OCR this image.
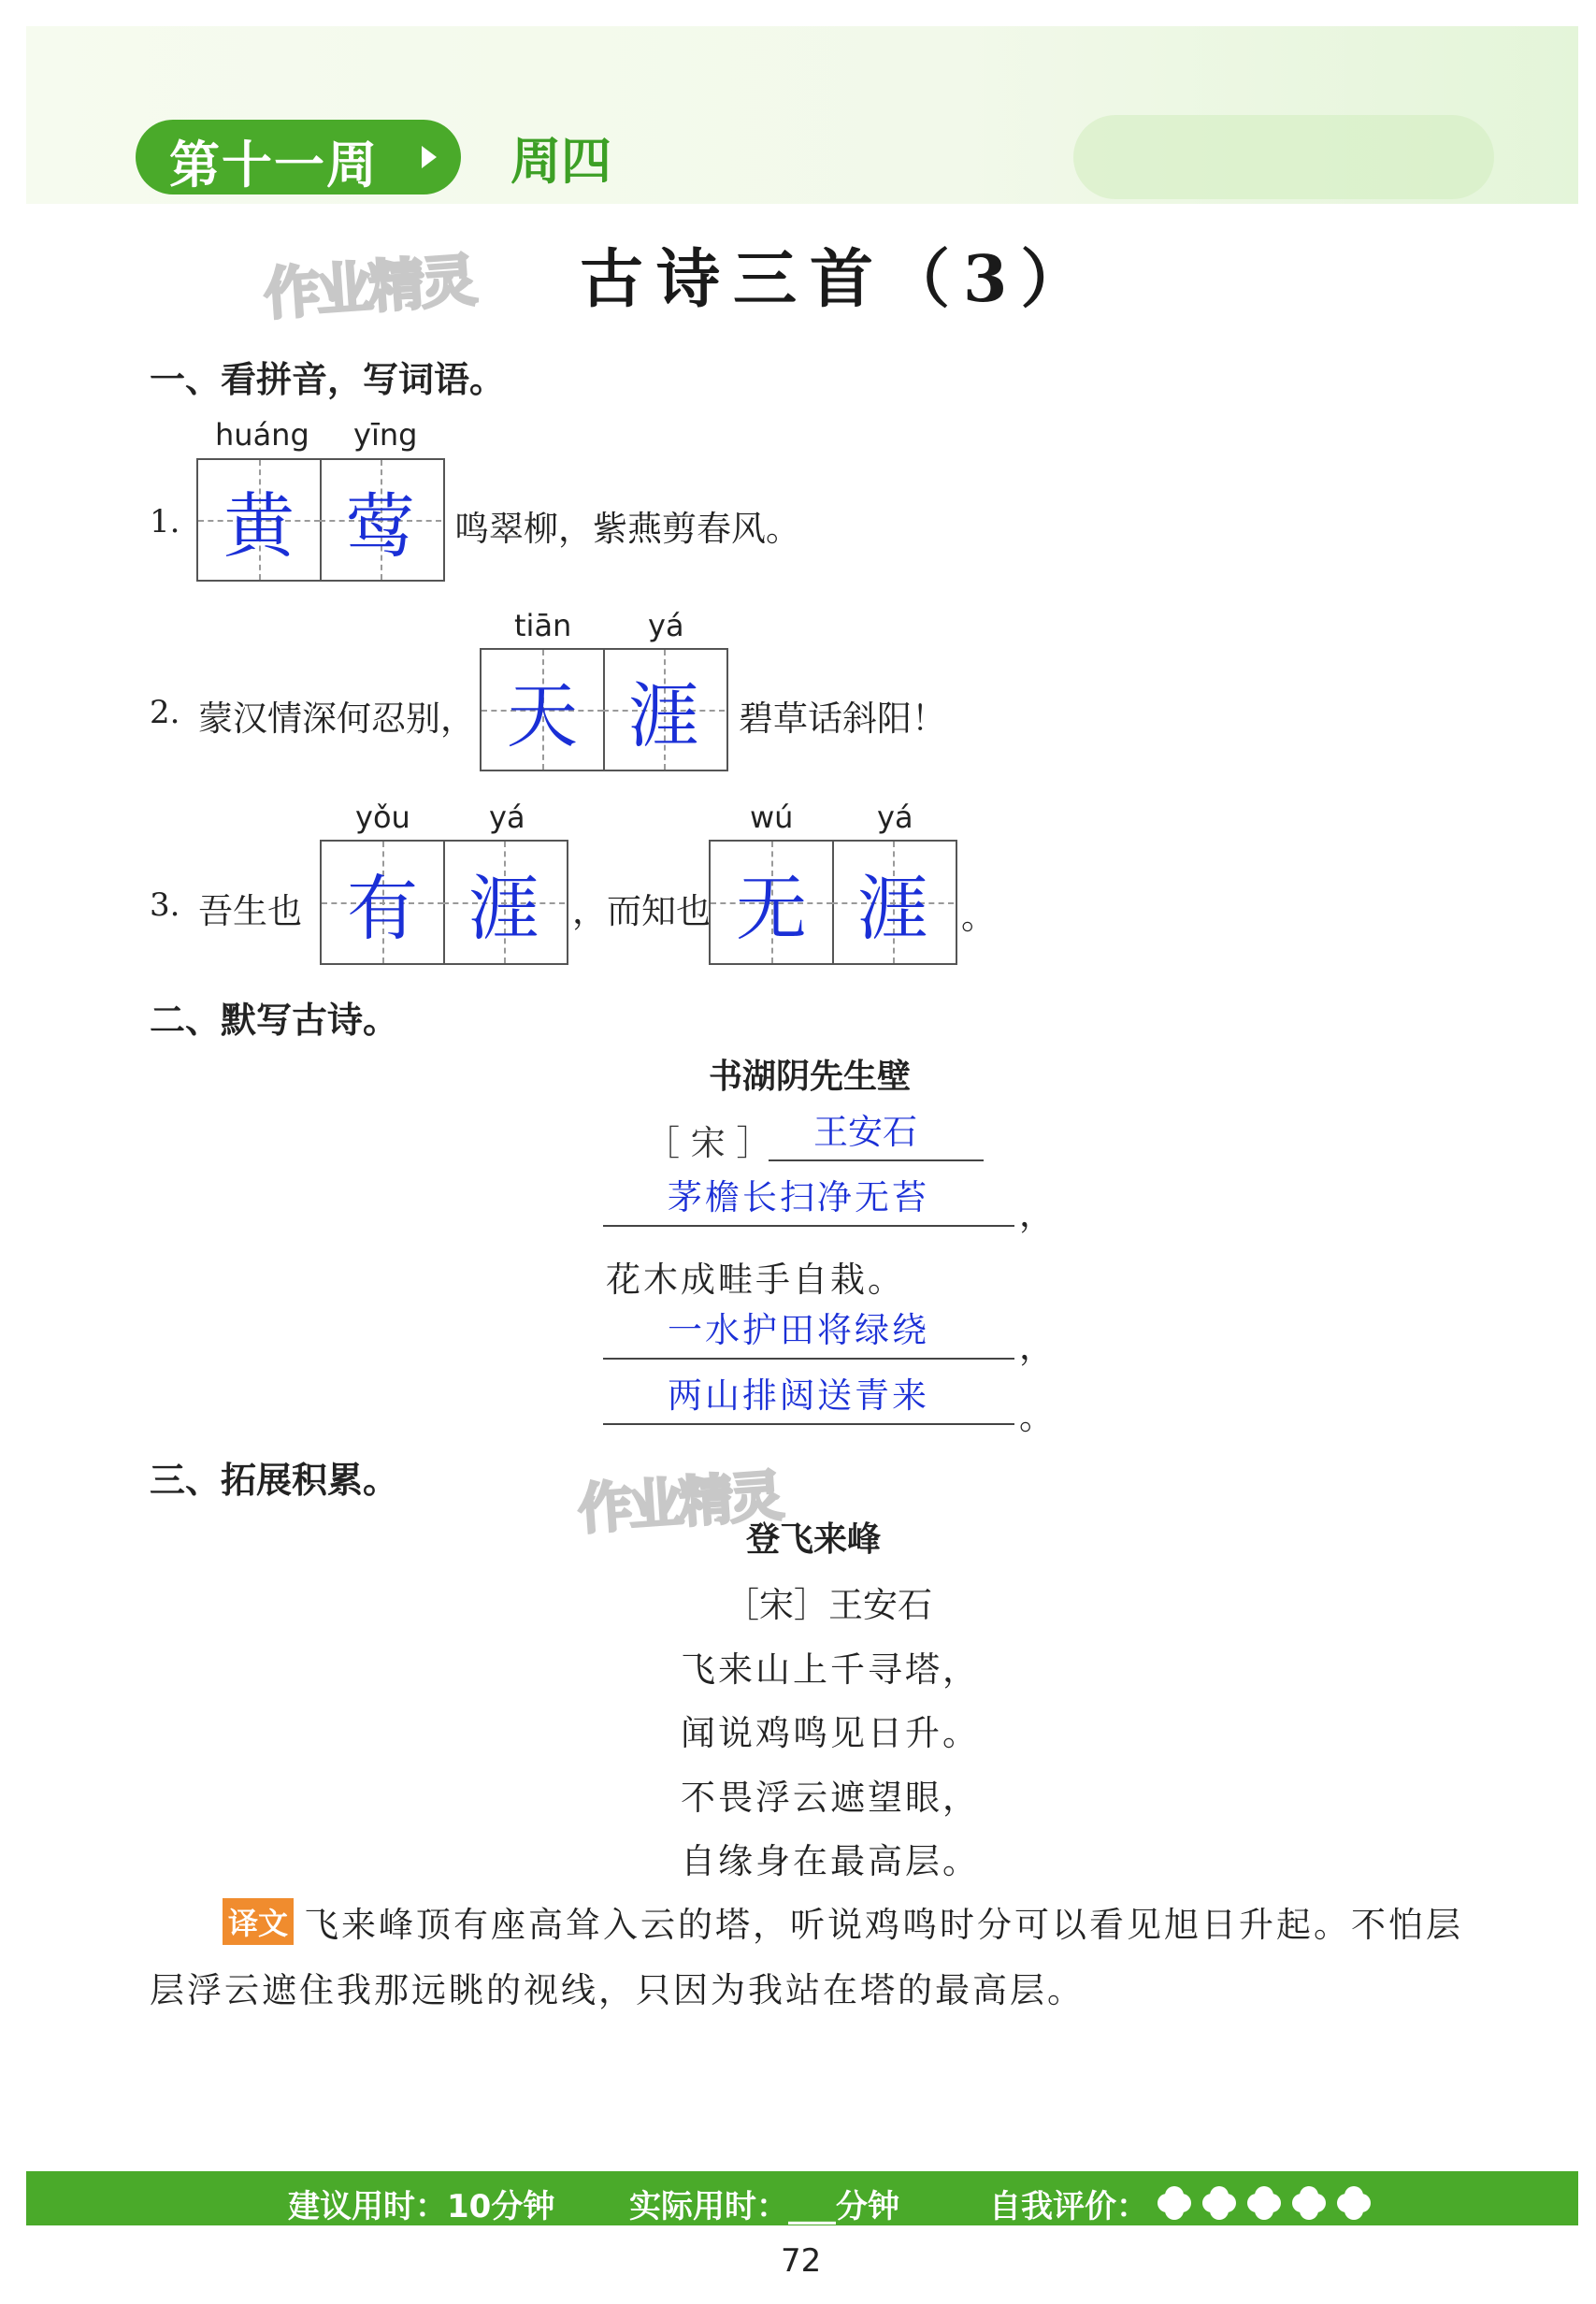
第十一周	周四
作业精灵 古诗三首（3）
一、看拼音，写词语。
huáng yīng
1. 黄 莺 鸣翠柳，紫燕剪春风。
tiān	yá
2. 蒙汉情深何忍别， 天 涯 碧草话斜阳！
yǒu	yá	wú	yá
3. 吾生也 有 涯 ，而知也 无 涯 。
二、默写古诗。
书湖阴先生壁
［ 宋 ］ 王安石
茅檐长扫净无苔	，
花木成畦手自栽。
一水护田将绿绕	，
两山排闼送青来
。
三、拓展积累。	作业精灵
登飞来峰
［宋］王安石
飞来山上千寻塔，
闻说鸡鸣见日升。
不畏浮云遮望眼，
自缘身在最高层。
译文 飞来峰顶有座高耸入云的塔，听说鸡鸣时分可以看见旭日升起。不怕层
层浮云遮住我那远眺的视线，只因为我站在塔的最高层。
建议用时：10分钟 实际用时：___分钟	自我评价：
72
